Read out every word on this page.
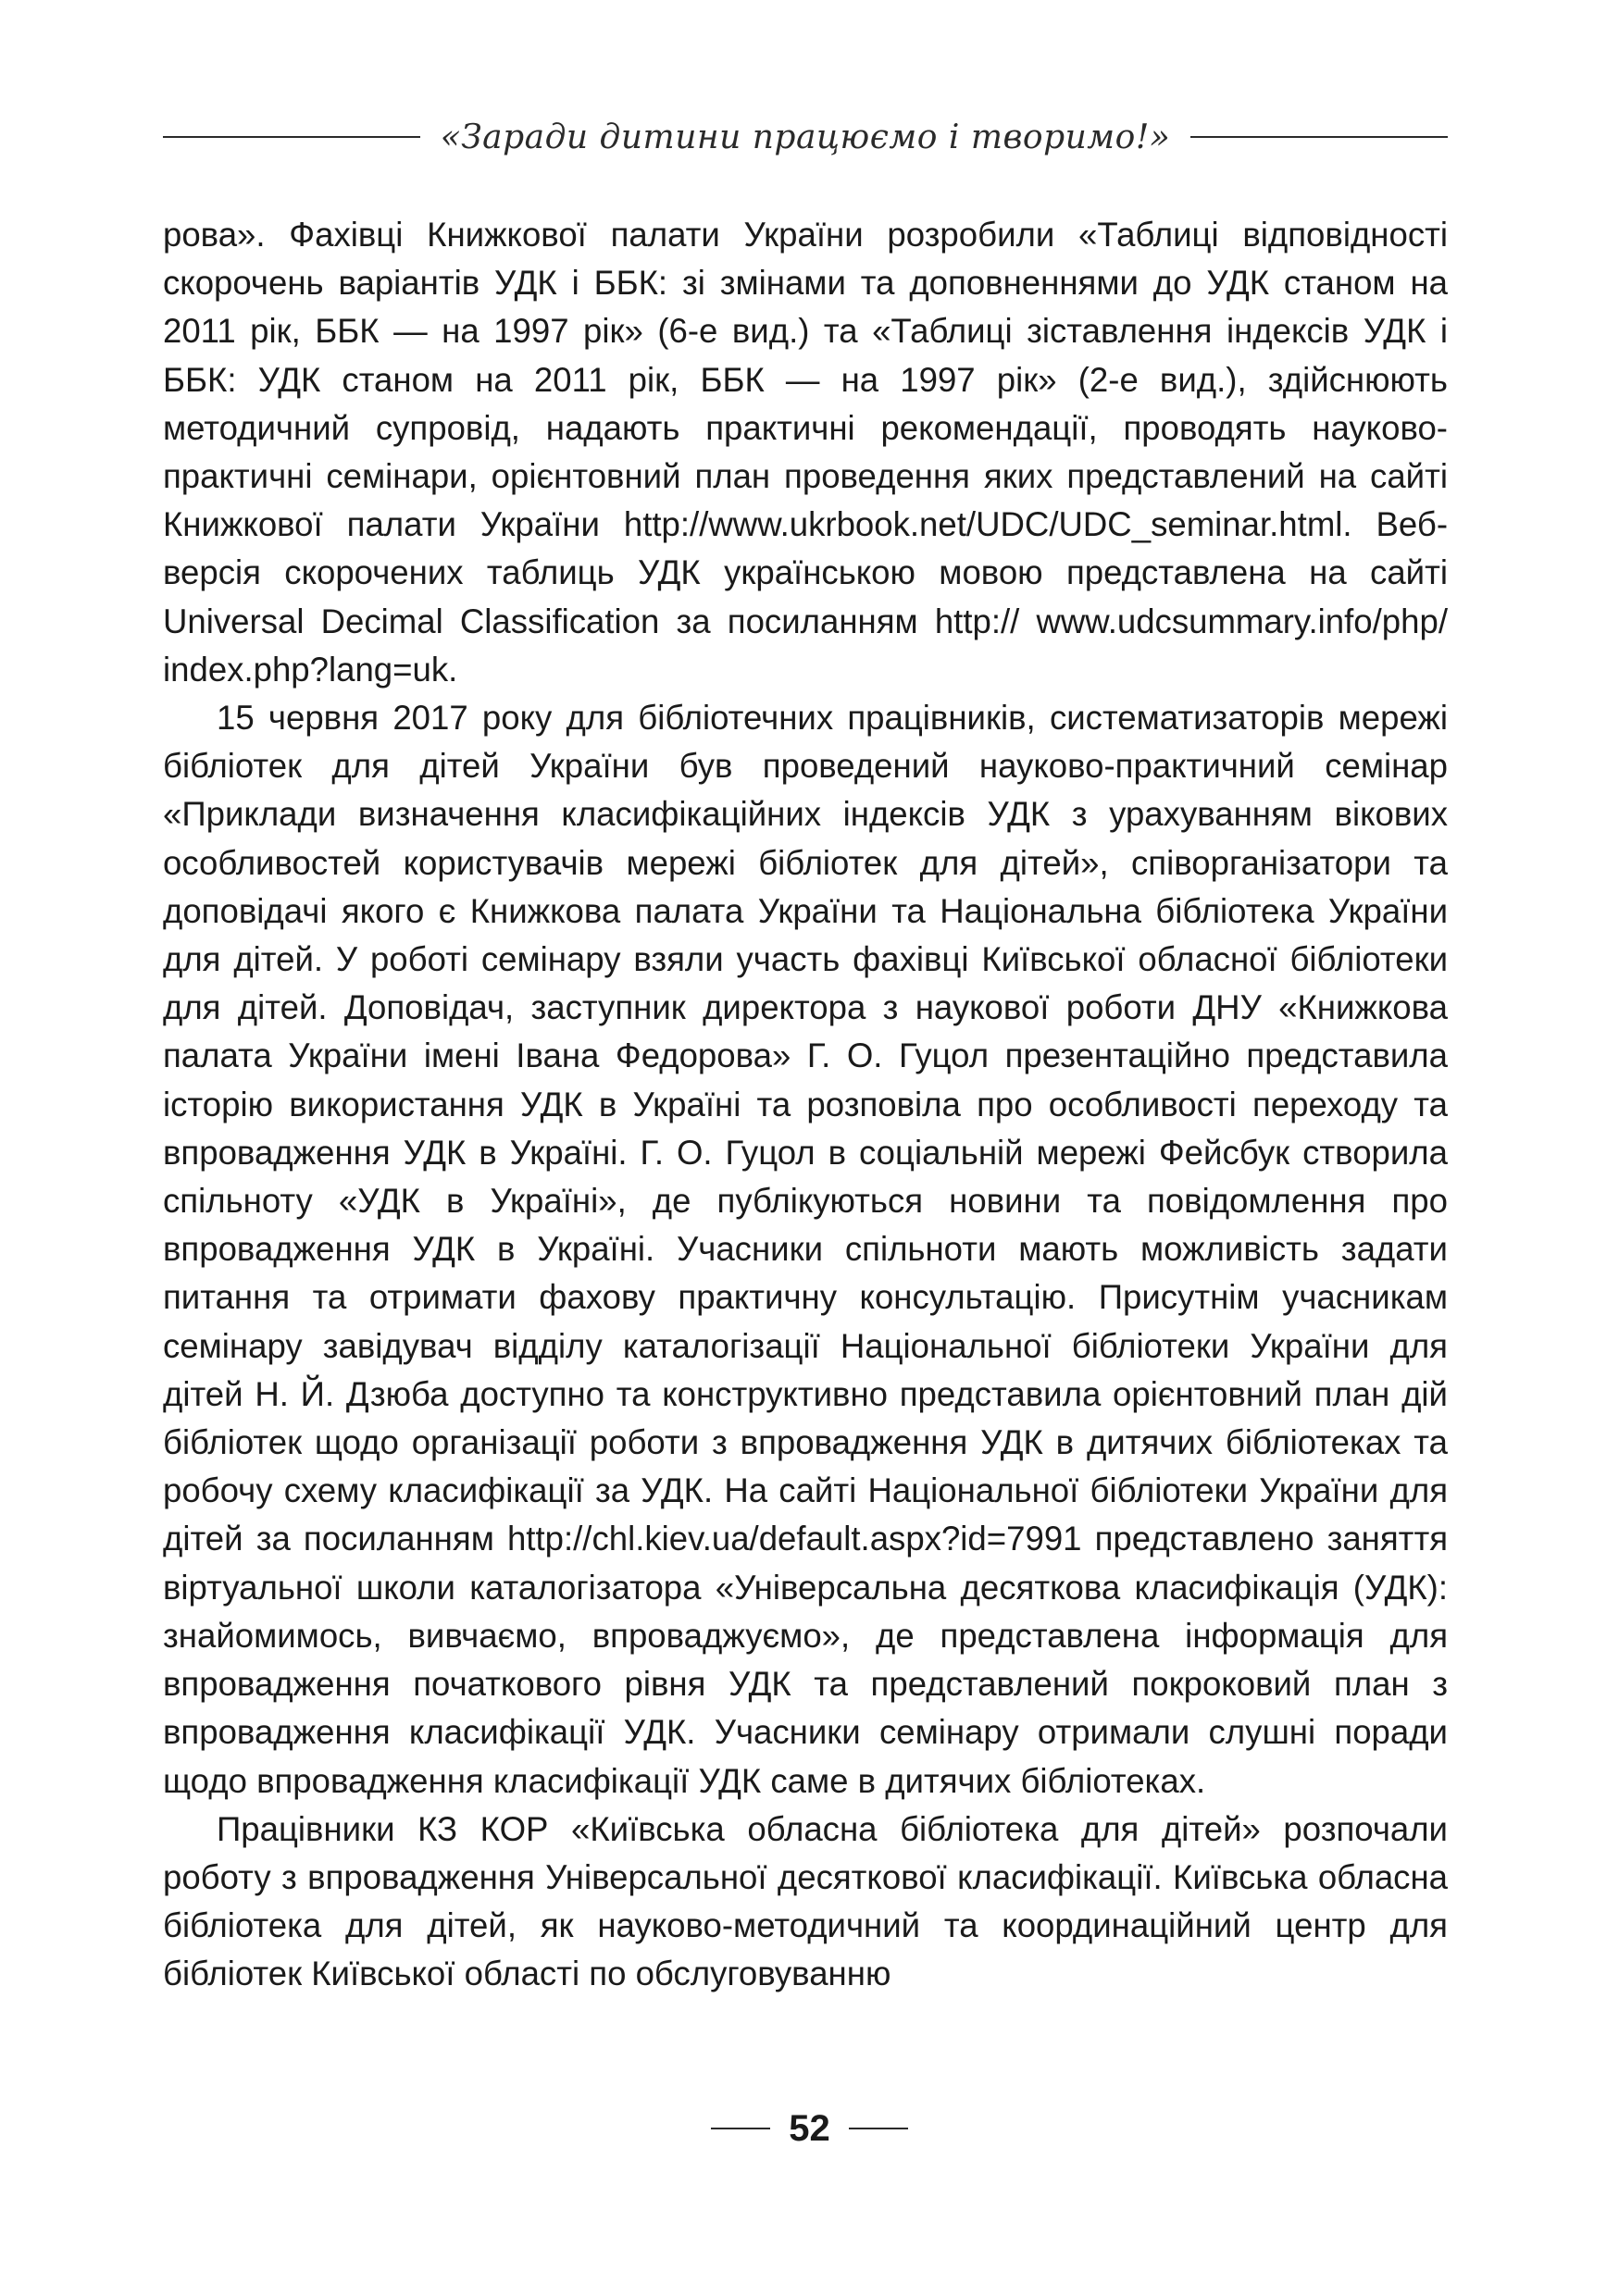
«Заради дитини працюємо і творимо!»

рова». Фахівці Книжкової палати України розробили «Таблиці відповідності скорочень варіантів УДК і ББК: зі змінами та доповненнями до УДК станом на 2011 рік, ББК — на 1997 рік» (6-е вид.) та «Таблиці зіставлення індексів УДК і ББК: УДК станом на 2011 рік, ББК — на 1997 рік» (2-е вид.), здійснюють методичний супровід, надають практичні рекомендації, проводять науково-практичні семінари, орієнтовний план проведення яких представлений на сайті Книжкової палати України http://www.ukrbook.net/UDC/UDC_seminar.html. Веб-версія скорочених таблиць УДК українською мовою представлена на сайті Universal Decimal Classification за посиланням http:// www.udcsummary.info/php/ index.php?lang=uk.

15 червня 2017 року для бібліотечних працівників, систематизаторів мережі бібліотек для дітей України був проведений науково-практичний семінар «Приклади визначення класифікаційних індексів УДК з урахуванням вікових особливостей користувачів мережі бібліотек для дітей», співорганізатори та доповідачі якого є Книжкова палата України та Національна бібліотека України для дітей. У роботі семінару взяли участь фахівці Київської обласної бібліотеки для дітей. Доповідач, заступник директора з наукової роботи ДНУ «Книжкова палата України імені Івана Федорова» Г. О. Гуцол презентаційно представила історію використання УДК в Україні та розповіла про особливості переходу та впровадження УДК в Україні. Г. О. Гуцол в соціальній мережі Фейсбук створила спільноту «УДК в Україні», де публікуються новини та повідомлення про впровадження УДК в Україні. Учасники спільноти мають можливість задати питання та отримати фахову практичну консультацію. Присутнім учасникам семінару завідувач відділу каталогізації Національної бібліотеки України для дітей Н. Й. Дзюба доступно та конструктивно представила орієнтовний план дій бібліотек щодо організації роботи з впровадження УДК в дитячих бібліотеках та робочу схему класифікації за УДК. На сайті Національної бібліотеки України для дітей за посиланням http://chl.kiev.ua/default.aspx?id=7991 представлено заняття віртуальної школи каталогізатора «Універсальна десяткова класифікація (УДК): знайомимось, вивчаємо, впроваджуємо», де представлена інформація для впровадження початкового рівня УДК та представлений покроковий план з впровадження класифікації УДК. Учасники семінару отримали слушні поради щодо впровадження класифікації УДК саме в дитячих бібліотеках.

Працівники КЗ КОР «Київська обласна бібліотека для дітей» розпочали роботу з впровадження Універсальної десяткової класифікації. Київська обласна бібліотека для дітей, як науково-методичний та координаційний центр для бібліотек Київської області по обслуговуванню

52
